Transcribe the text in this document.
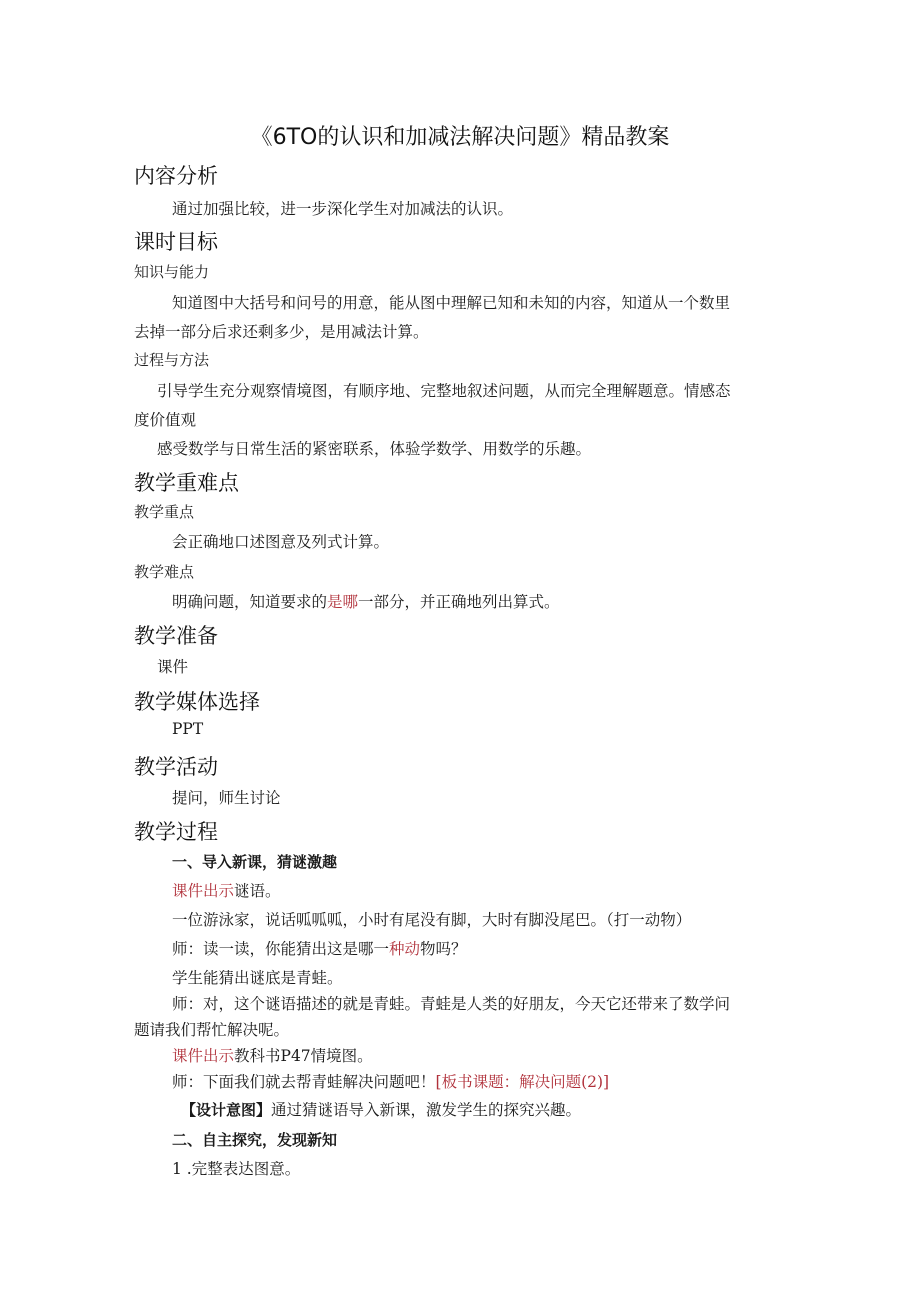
《6TO的认识和加减法解决问题》精品教案
内容分析
通过加强比较，进一步深化学生对加减法的认识。
课时目标
知识与能力
知道图中大括号和问号的用意，能从图中理解已知和未知的内容，知道从一个数里
去掉一部分后求还剩多少，是用减法计算。
过程与方法
引导学生充分观察情境图，有顺序地、完整地叙述问题，从而完全理解题意。情感态
度价值观
感受数学与日常生活的紧密联系，体验学数学、用数学的乐趣。
教学重难点
教学重点
会正确地口述图意及列式计算。
教学难点
明确问题，知道要求的是哪一部分，并正确地列出算式。
教学准备
课件
教学媒体选择
PPT
教学活动
提问，师生讨论
教学过程
一、导入新课，猜谜激趣
课件出示谜语。
一位游泳家，说话呱呱呱，小时有尾没有脚，大时有脚没尾巴。（打一动物）
师：读一读，你能猜出这是哪一种动物吗？
学生能猜出谜底是青蛙。
师：对，这个谜语描述的就是青蛙。青蛙是人类的好朋友，今天它还带来了数学问
题请我们帮忙解决呢。
课件出示教科书P47情境图。
师：下面我们就去帮青蛙解决问题吧！[板书课题：解决问题(2)]
【设计意图】通过猜谜语导入新课，激发学生的探究兴趣。
二、自主探究，发现新知
1 .完整表达图意。
